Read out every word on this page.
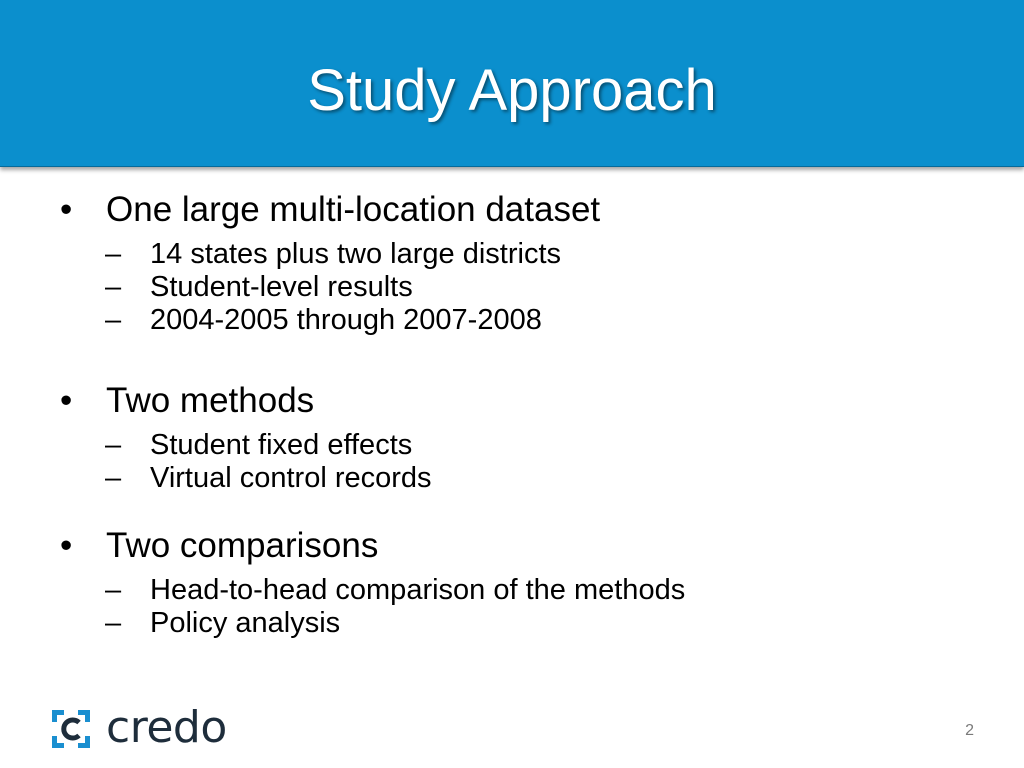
Study Approach
• One large multi-location dataset
– 14 states plus two large districts
– Student-level results
– 2004-2005 through 2007-2008
• Two methods
– Student fixed effects
– Virtual control records
• Two comparisons
– Head-to-head comparison of the methods
– Policy analysis
credo	2
